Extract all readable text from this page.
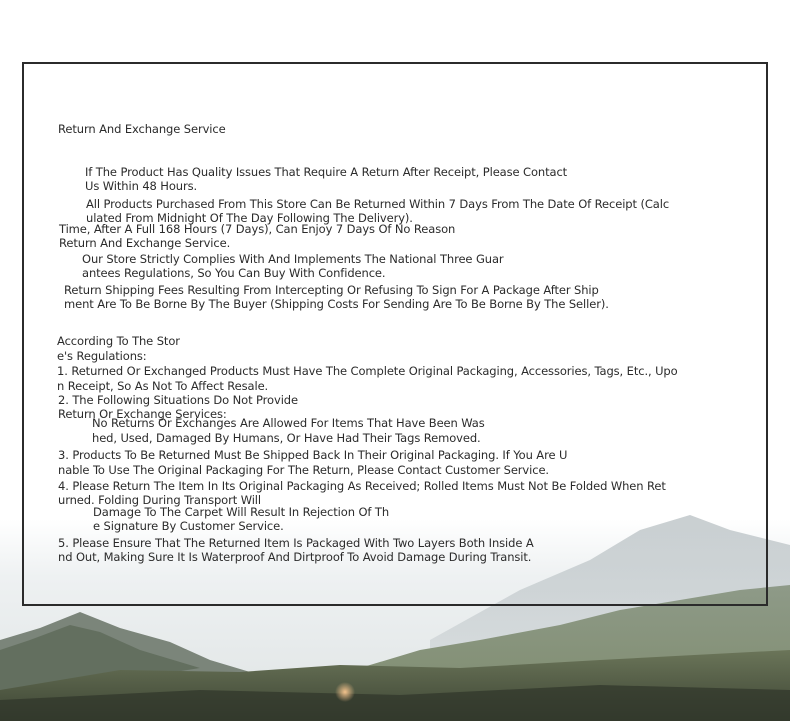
Return And Exchange Service
If The Product Has Quality Issues That Require A Return After Receipt, Please Contact
Us Within 48 Hours.
All Products Purchased From This Store Can Be Returned Within 7 Days From The Date Of Receipt (Calc
ulated From Midnight Of The Day Following The Delivery).
Time, After A Full 168 Hours (7 Days), Can Enjoy 7 Days Of No Reason
Return And Exchange Service.
Our Store Strictly Complies With And Implements The National Three Guar
antees Regulations, So You Can Buy With Confidence.
Return Shipping Fees Resulting From Intercepting Or Refusing To Sign For A Package After Ship
ment Are To Be Borne By The Buyer (Shipping Costs For Sending Are To Be Borne By The Seller).
According To The Stor
e's Regulations:
1. Returned Or Exchanged Products Must Have The Complete Original Packaging, Accessories, Tags, Etc., Upo
n Receipt, So As Not To Affect Resale.
2. The Following Situations Do Not Provide
Return Or Exchange Services:
No Returns Or Exchanges Are Allowed For Items That Have Been Was
hed, Used, Damaged By Humans, Or Have Had Their Tags Removed.
3. Products To Be Returned Must Be Shipped Back In Their Original Packaging. If You Are U
nable To Use The Original Packaging For The Return, Please Contact Customer Service.
4. Please Return The Item In Its Original Packaging As Received; Rolled Items Must Not Be Folded When Ret
urned. Folding During Transport Will
Damage To The Carpet Will Result In Rejection Of Th
e Signature By Customer Service.
5. Please Ensure That The Returned Item Is Packaged With Two Layers Both Inside A
nd Out, Making Sure It Is Waterproof And Dirtproof To Avoid Damage During Transit.
